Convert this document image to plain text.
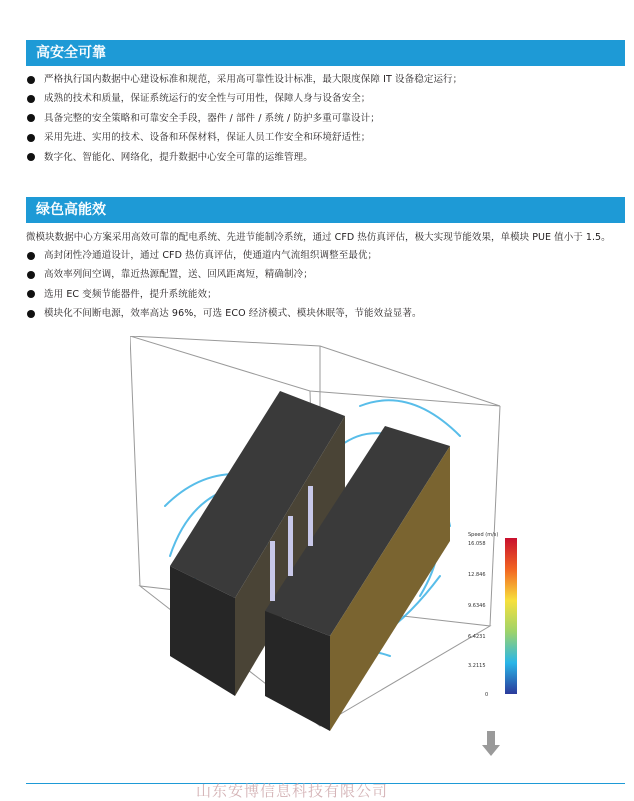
高安全可靠
严格执行国内数据中心建设标准和规范，采用高可靠性设计标准，最大限度保障 IT 设备稳定运行；
成熟的技术和质量，保证系统运行的安全性与可用性，保障人身与设备安全；
具备完整的安全策略和可靠安全手段，器件 / 部件 / 系统 / 防护多重可靠设计；
采用先进、实用的技术、设备和环保材料，保证人员工作安全和环境舒适性；
数字化、智能化、网络化，提升数据中心安全可靠的运维管理。
绿色高能效
微模块数据中心方案采用高效可靠的配电系统、先进节能制冷系统，通过 CFD 热仿真评估，极大实现节能效果，单模块 PUE 值小于 1.5。
高封闭性冷通道设计，通过 CFD 热仿真评估，使通道内气流组织调整至最优；
高效率列间空调，靠近热源配置，送、回风距离短，精确制冷；
选用 EC 变频节能器件，提升系统能效；
模块化不间断电源，效率高达 96%，可选 ECO 经济模式、模块休眠等，节能效益显著。
Speed (m/s)
16.058
12.846
9.6346
6.4231
3.2115
0
山东安博信息科技有限公司
